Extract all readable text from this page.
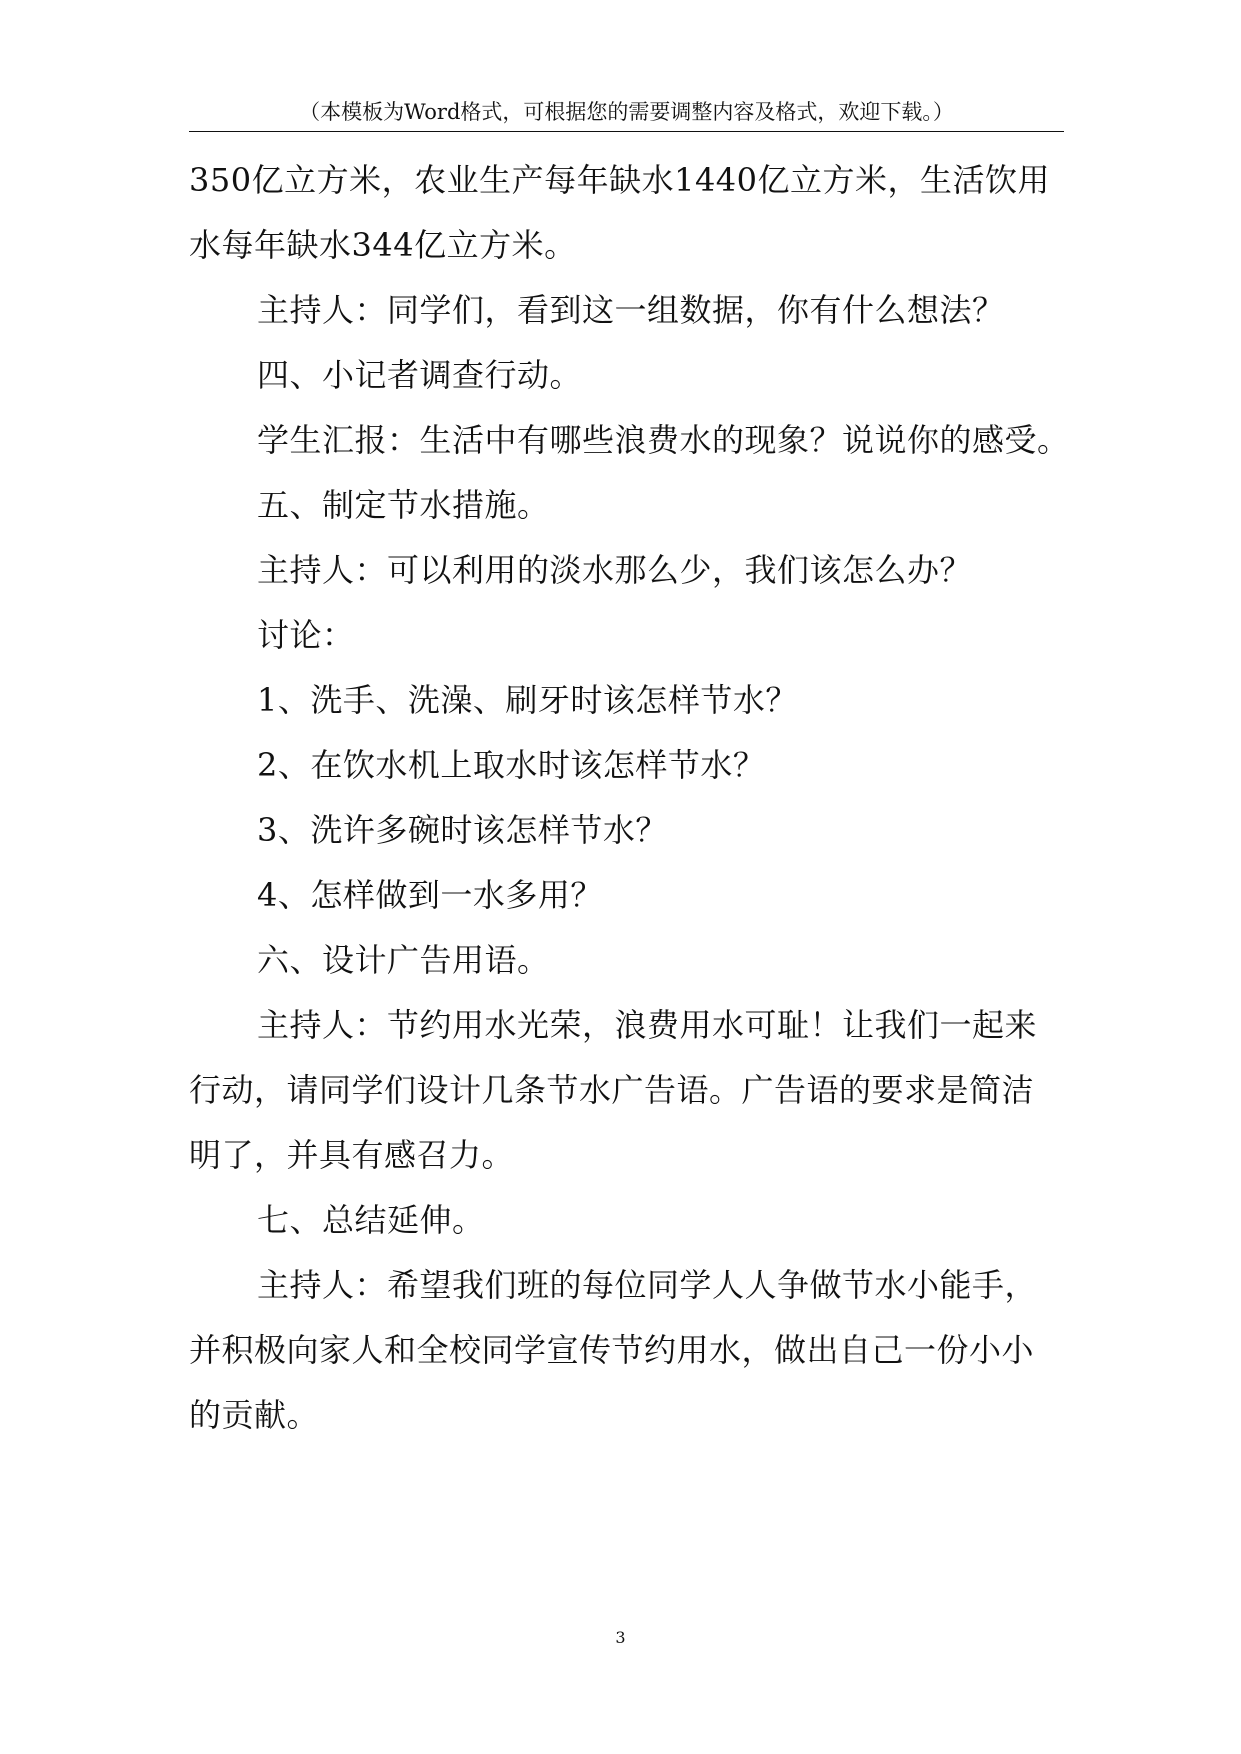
（本模板为Word格式，可根据您的需要调整内容及格式，欢迎下载。）

350亿立方米，农业生产每年缺水1440亿立方米，生活饮用

水每年缺水344亿立方米。

主持人：同学们，看到这一组数据，你有什么想法？

四、小记者调查行动。

学生汇报：生活中有哪些浪费水的现象？说说你的感受。

五、制定节水措施。

主持人：可以利用的淡水那么少，我们该怎么办？

讨论：

1、洗手、洗澡、刷牙时该怎样节水？

2、在饮水机上取水时该怎样节水？

3、洗许多碗时该怎样节水？

4、怎样做到一水多用？

六、设计广告用语。

主持人：节约用水光荣，浪费用水可耻！让我们一起来

行动，请同学们设计几条节水广告语。广告语的要求是简洁

明了，并具有感召力。

七、总结延伸。

主持人：希望我们班的每位同学人人争做节水小能手，

并积极向家人和全校同学宣传节约用水，做出自己一份小小

的贡献。

3
